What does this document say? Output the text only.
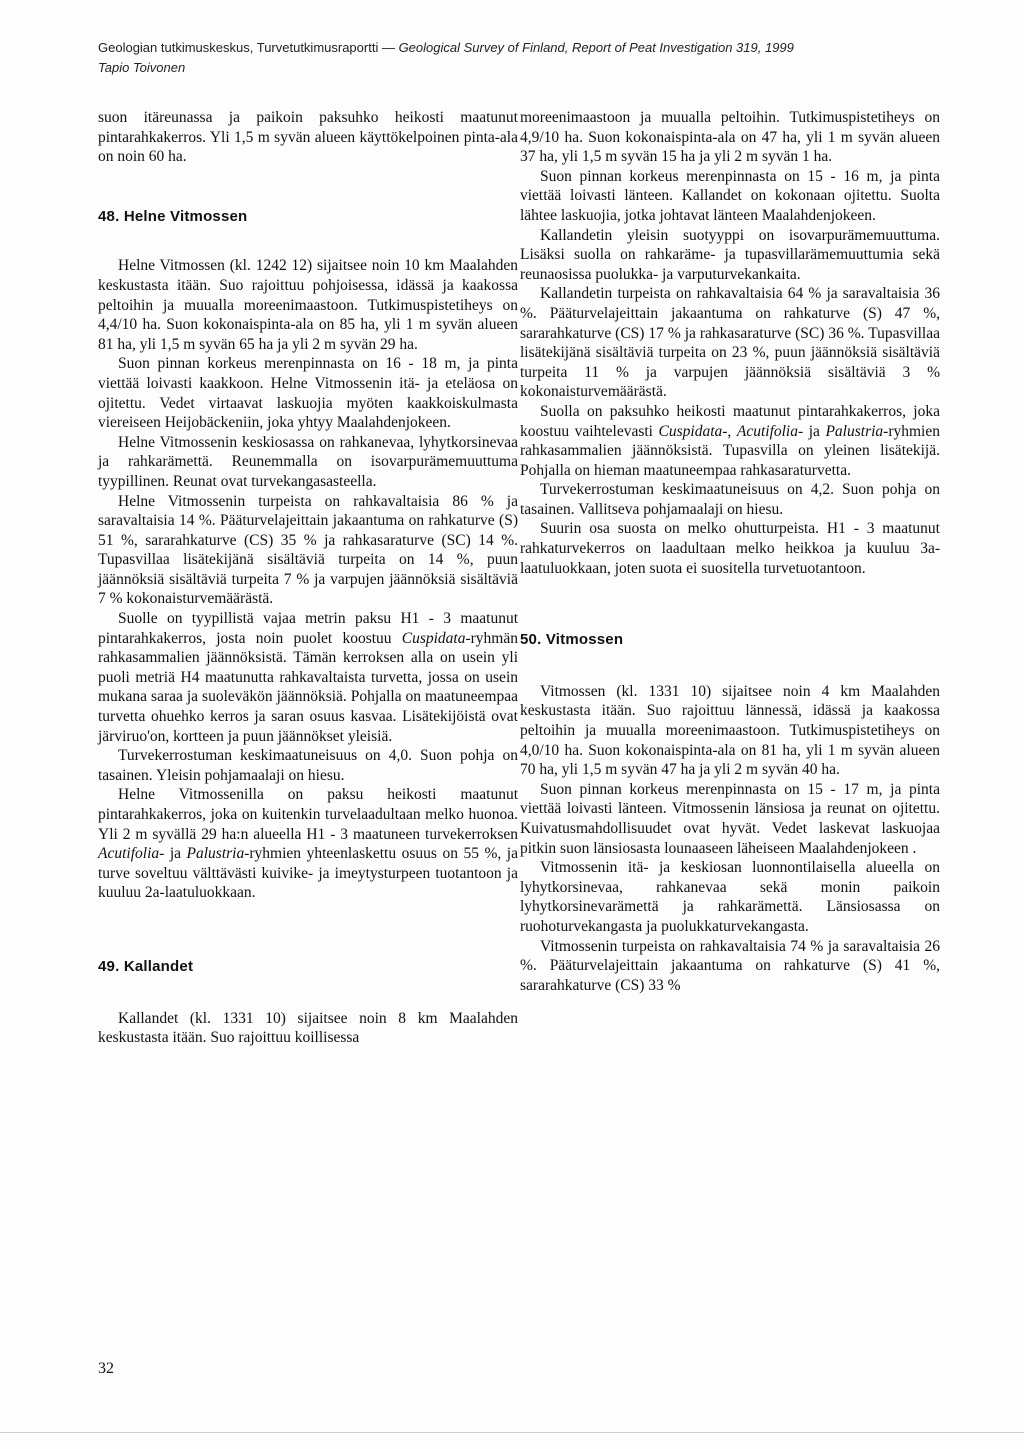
Geologian tutkimuskeskus, Turvetutkimusraportti — Geological Survey of Finland, Report of Peat Investigation 319, 1999
Tapio Toivonen

suon itäreunassa ja paikoin paksuhko heikosti maatunut pintarahkakerros. Yli 1,5 m syvän alueen käyttökelpoinen pinta-ala on noin 60 ha.

48. Helne Vitmossen

Helne Vitmossen (kl. 1242 12) sijaitsee noin 10 km Maalahden keskustasta itään. Suo rajoittuu pohjoisessa, idässä ja kaakossa peltoihin ja muualla moreenimaastoon. Tutkimuspistetiheys on 4,4/10 ha. Suon kokonaispinta-ala on 85 ha, yli 1 m syvän alueen 81 ha, yli 1,5 m syvän 65 ha ja yli 2 m syvän 29 ha.

Suon pinnan korkeus merenpinnasta on 16 - 18 m, ja pinta viettää loivasti kaakkoon. Helne Vitmossenin itä- ja eteläosa on ojitettu. Vedet virtaavat laskuojia myöten kaakkoiskulmasta viereiseen Heijobäckeniin, joka yhtyy Maalahdenjokeen.

Helne Vitmossenin keskiosassa on rahkanevaa, lyhytkorsinevaa ja rahkarämettä. Reunemmalla on isovarpurämemuuttuma tyypillinen. Reunat ovat turvekangasasteella.

Helne Vitmossenin turpeista on rahkavaltaisia 86 % ja saravaltaisia 14 %. Pääturvelajeittain jakaantuma on rahkaturve (S) 51 %, sararahkaturve (CS) 35 % ja rahkasaraturve (SC) 14 %. Tupasvillaa lisätekijänä sisältäviä turpeita on 14 %, puun jäännöksiä sisältäviä turpeita 7 % ja varpujen jäännöksiä sisältäviä 7 % kokonaisturvemäärästä.

Suolle on tyypillistä vajaa metrin paksu H1 - 3 maatunut pintarahkakerros, josta noin puolet koostuu Cuspidata-ryhmän rahkasammalien jäännöksistä. Tämän kerroksen alla on usein yli puoli metriä H4 maatunutta rahkavaltaista turvetta, jossa on usein mukana saraa ja suoleväkön jäännöksiä. Pohjalla on maatuneempaa turvetta ohuehko kerros ja saran osuus kasvaa. Lisätekijöistä ovat järviruo'on, kortteen ja puun jäännökset yleisiä.

Turvekerrostuman keskimaatuneisuus on 4,0. Suon pohja on tasainen. Yleisin pohjamaalaji on hiesu.

Helne Vitmossenilla on paksu heikosti maatunut pintarahkakerros, joka on kuitenkin turvelaadultaan melko huonoa. Yli 2 m syvällä 29 ha:n alueella H1 - 3 maatuneen turvekerroksen Acutifolia- ja Palustria-ryhmien yhteenlaskettu osuus on 55 %, ja turve soveltuu välttävästi kuivike- ja imeytysturpeen tuotantoon ja kuuluu 2a-laatuluokkaan.

49. Kallandet

Kallandet (kl. 1331 10) sijaitsee noin 8 km Maalahden keskustasta itään. Suo rajoittuu koillisessa

moreenimaastoon ja muualla peltoihin. Tutkimuspistetiheys on 4,9/10 ha. Suon kokonaispinta-ala on 47 ha, yli 1 m syvän alueen 37 ha, yli 1,5 m syvän 15 ha ja yli 2 m syvän 1 ha.

Suon pinnan korkeus merenpinnasta on 15 - 16 m, ja pinta viettää loivasti länteen. Kallandet on kokonaan ojitettu. Suolta lähtee laskuojia, jotka johtavat länteen Maalahdenjokeen.

Kallandetin yleisin suotyyppi on isovarpurämemuuttuma. Lisäksi suolla on rahkaräme- ja tupasvillarämemuuttumia sekä reunaosissa puolukka- ja varputurvekankaita.

Kallandetin turpeista on rahkavaltaisia 64 % ja saravaltaisia 36 %. Pääturvelajeittain jakaantuma on rahkaturve (S) 47 %, sararahkaturve (CS) 17 % ja rahkasaraturve (SC) 36 %. Tupasvillaa lisätekijänä sisältäviä turpeita on 23 %, puun jäännöksiä sisältäviä turpeita 11 % ja varpujen jäännöksiä sisältäviä 3 % kokonaisturvemäärästä.

Suolla on paksuhko heikosti maatunut pintarahkakerros, joka koostuu vaihtelevasti Cuspidata-, Acutifolia- ja Palustria-ryhmien rahkasammalien jäännöksistä. Tupasvilla on yleinen lisätekijä. Pohjalla on hieman maatuneempaa rahkasaraturvetta.

Turvekerrostuman keskimaatuneisuus on 4,2. Suon pohja on tasainen. Vallitseva pohjamaalaji on hiesu.

Suurin osa suosta on melko ohutturpeista. H1 - 3 maatunut rahkaturvekerros on laadultaan melko heikkoa ja kuuluu 3a-laatuluokkaan, joten suota ei suositella turvetuotantoon.

50. Vitmossen

Vitmossen (kl. 1331 10) sijaitsee noin 4 km Maalahden keskustasta itään. Suo rajoittuu lännessä, idässä ja kaakossa peltoihin ja muualla moreenimaastoon. Tutkimuspistetiheys on 4,0/10 ha. Suon kokonaispinta-ala on 81 ha, yli 1 m syvän alueen 70 ha, yli 1,5 m syvän 47 ha ja yli 2 m syvän 40 ha.

Suon pinnan korkeus merenpinnasta on 15 - 17 m, ja pinta viettää loivasti länteen. Vitmossenin länsiosa ja reunat on ojitettu. Kuivatusmahdollisuudet ovat hyvät. Vedet laskevat laskuojaa pitkin suon länsiosasta lounaaseen läheiseen Maalahdenjokeen .

Vitmossenin itä- ja keskiosan luonnontilaisella alueella on lyhytkorsinevaa, rahkanevaa sekä monin paikoin lyhytkorsinevarämettä ja rahkarämettä. Länsiosassa on ruohoturvekangasta ja puolukkaturvekangasta.

Vitmossenin turpeista on rahkavaltaisia 74 % ja saravaltaisia 26 %. Pääturvelajeittain jakaantuma on rahkaturve (S) 41 %, sararahkaturve (CS) 33 %

32
